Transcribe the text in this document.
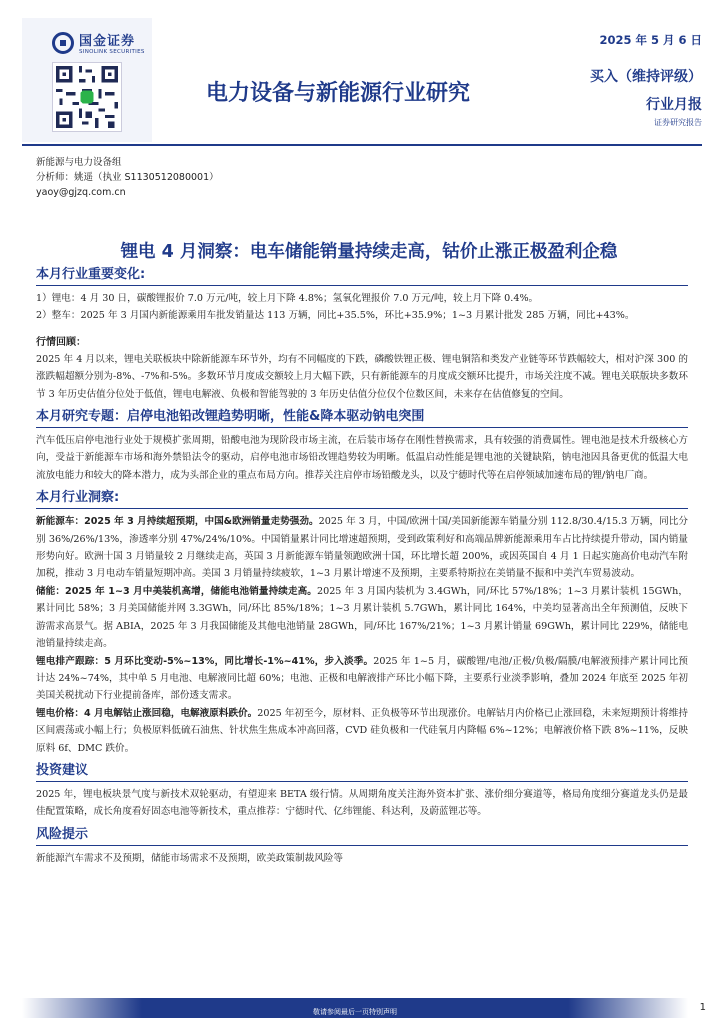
国金证券
SINOLINK SECURITIES
2025 年 5 月 6 日
电力设备与新能源行业研究
买入（维持评级）
行业月报
证券研究报告
新能源与电力设备组
分析师：姚遥（执业 S1130512080001）
yaoy@gjzq.com.cn
锂电 4 月洞察：电车储能销量持续走高，钴价止涨正极盈利企稳
本月行业重要变化:

1）锂电：4 月 30 日，碳酸锂报价 7.0 万元/吨，较上月下降 4.8%；氢氧化锂报价 7.0 万元/吨，较上月下降 0.4%。

2）整车：2025 年 3 月国内新能源乘用车批发销量达 113 万辆，同比+35.5%，环比+35.9%；1~3 月累计批发 285 万辆，同比+43%。

行情回顾：

2025 年 4 月以来，锂电关联板块中除新能源车环节外，均有不同幅度的下跌，磷酸铁锂正极、锂电铜箔和类发产业链等环节跌幅较大，相对沪深 300 的涨跌幅超额分别为-8%、-7%和-5%。多数环节月度成交额较上月大幅下跌，只有新能源车的月度成交额环比提升，市场关注度不减。锂电关联版块多数环节 3 年历史估值分位处于低值，锂电电解液、负极和智能驾驶的 3 年历史估值分位仅个位数区间，未来存在估值修复的空间。

本月研究专题：启停电池铅改锂趋势明晰，性能&降本驱动钠电突围

汽车低压启停电池行业处于规模扩张周期，铅酸电池为现阶段市场主流，在后装市场存在刚性替换需求，具有较强的消费属性。锂电池是技术升级核心方向，受益于新能源车市场和海外禁铅法令的驱动，启停电池市场铅改锂趋势较为明晰。低温启动性能是锂电池的关键缺陷，钠电池因具备更优的低温大电流放电能力和较大的降本潜力，成为头部企业的重点布局方向。推荐关注启停市场铅酸龙头，以及宁德时代等在启停领域加速布局的锂/钠电厂商。

本月行业洞察:

新能源车：2025 年 3 月持续超预期，中国&欧洲销量走势强劲。2025 年 3 月，中国/欧洲十国/美国新能源车销量分别 112.8/30.4/15.3 万辆，同比分别 36%/26%/13%，渗透率分别 47%/24%/10%。中国销量累计同比增速超预期，受到政策利好和高端品牌新能源乘用车占比持续提升带动，国内销量形势向好。欧洲十国 3 月销量较 2 月继续走高，英国 3 月新能源车销量领跑欧洲十国，环比增长超 200%，或因英国自 4 月 1 日起实施高价电动汽车附加税，推动 3 月电动车销量短期冲高。美国 3 月销量持续疲软，1~3 月累计增速不及预期，主要系特斯拉在美销量不振和中美汽车贸易波动。

储能：2025 年 1~3 月中美装机高增，储能电池销量持续走高。2025 年 3 月国内装机为 3.4GWh，同/环比 57%/18%；1~3 月累计装机 15GWh，累计同比 58%；3 月美国储能并网 3.3GWh，同/环比 85%/18%；1~3 月累计装机 5.7GWh，累计同比 164%，中美均显著高出全年预测值，反映下游需求高景气。据 ABIA，2025 年 3 月我国储能及其他电池销量 28GWh，同/环比 167%/21%；1~3 月累计销量 69GWh，累计同比 229%，储能电池销量持续走高。

锂电排产跟踪：5 月环比变动-5%~13%，同比增长-1%~41%，步入淡季。2025 年 1~5 月，碳酸锂/电池/正极/负极/隔膜/电解液预排产累计同比预计达 24%~74%，其中单 5 月电池、电解液同比超 60%；电池、正极和电解液排产环比小幅下降，主要系行业淡季影响，叠加 2024 年底至 2025 年初美国关税扰动下行业提前备库，部份透支需求。

锂电价格：4 月电解钴止涨回稳，电解液原料跌价。2025 年初至今，原材料、正负极等环节出现涨价。电解钴月内价格已止涨回稳，未来短期预计将维持区间震荡或小幅上行；负极原料低硫石油焦、针状焦生焦成本冲高回落，CVD 硅负极和一代硅氧月内降幅 6%~12%；电解液价格下跌 8%~11%，反映原料 6f、DMC 跌价。

投资建议

2025 年，锂电板块景气度与新技术双轮驱动，有望迎来 BETA 级行情。从周期角度关注海外资本扩张、涨价细分赛道等，格局角度细分赛道龙头仍是最佳配置策略，成长角度看好固态电池等新技术，重点推荐：宁德时代、亿纬锂能、科达利，及蔚蓝锂芯等。

风险提示

新能源汽车需求不及预期，储能市场需求不及预期，欧美政策制裁风险等

敬请参阅最后一页特别声明	1
